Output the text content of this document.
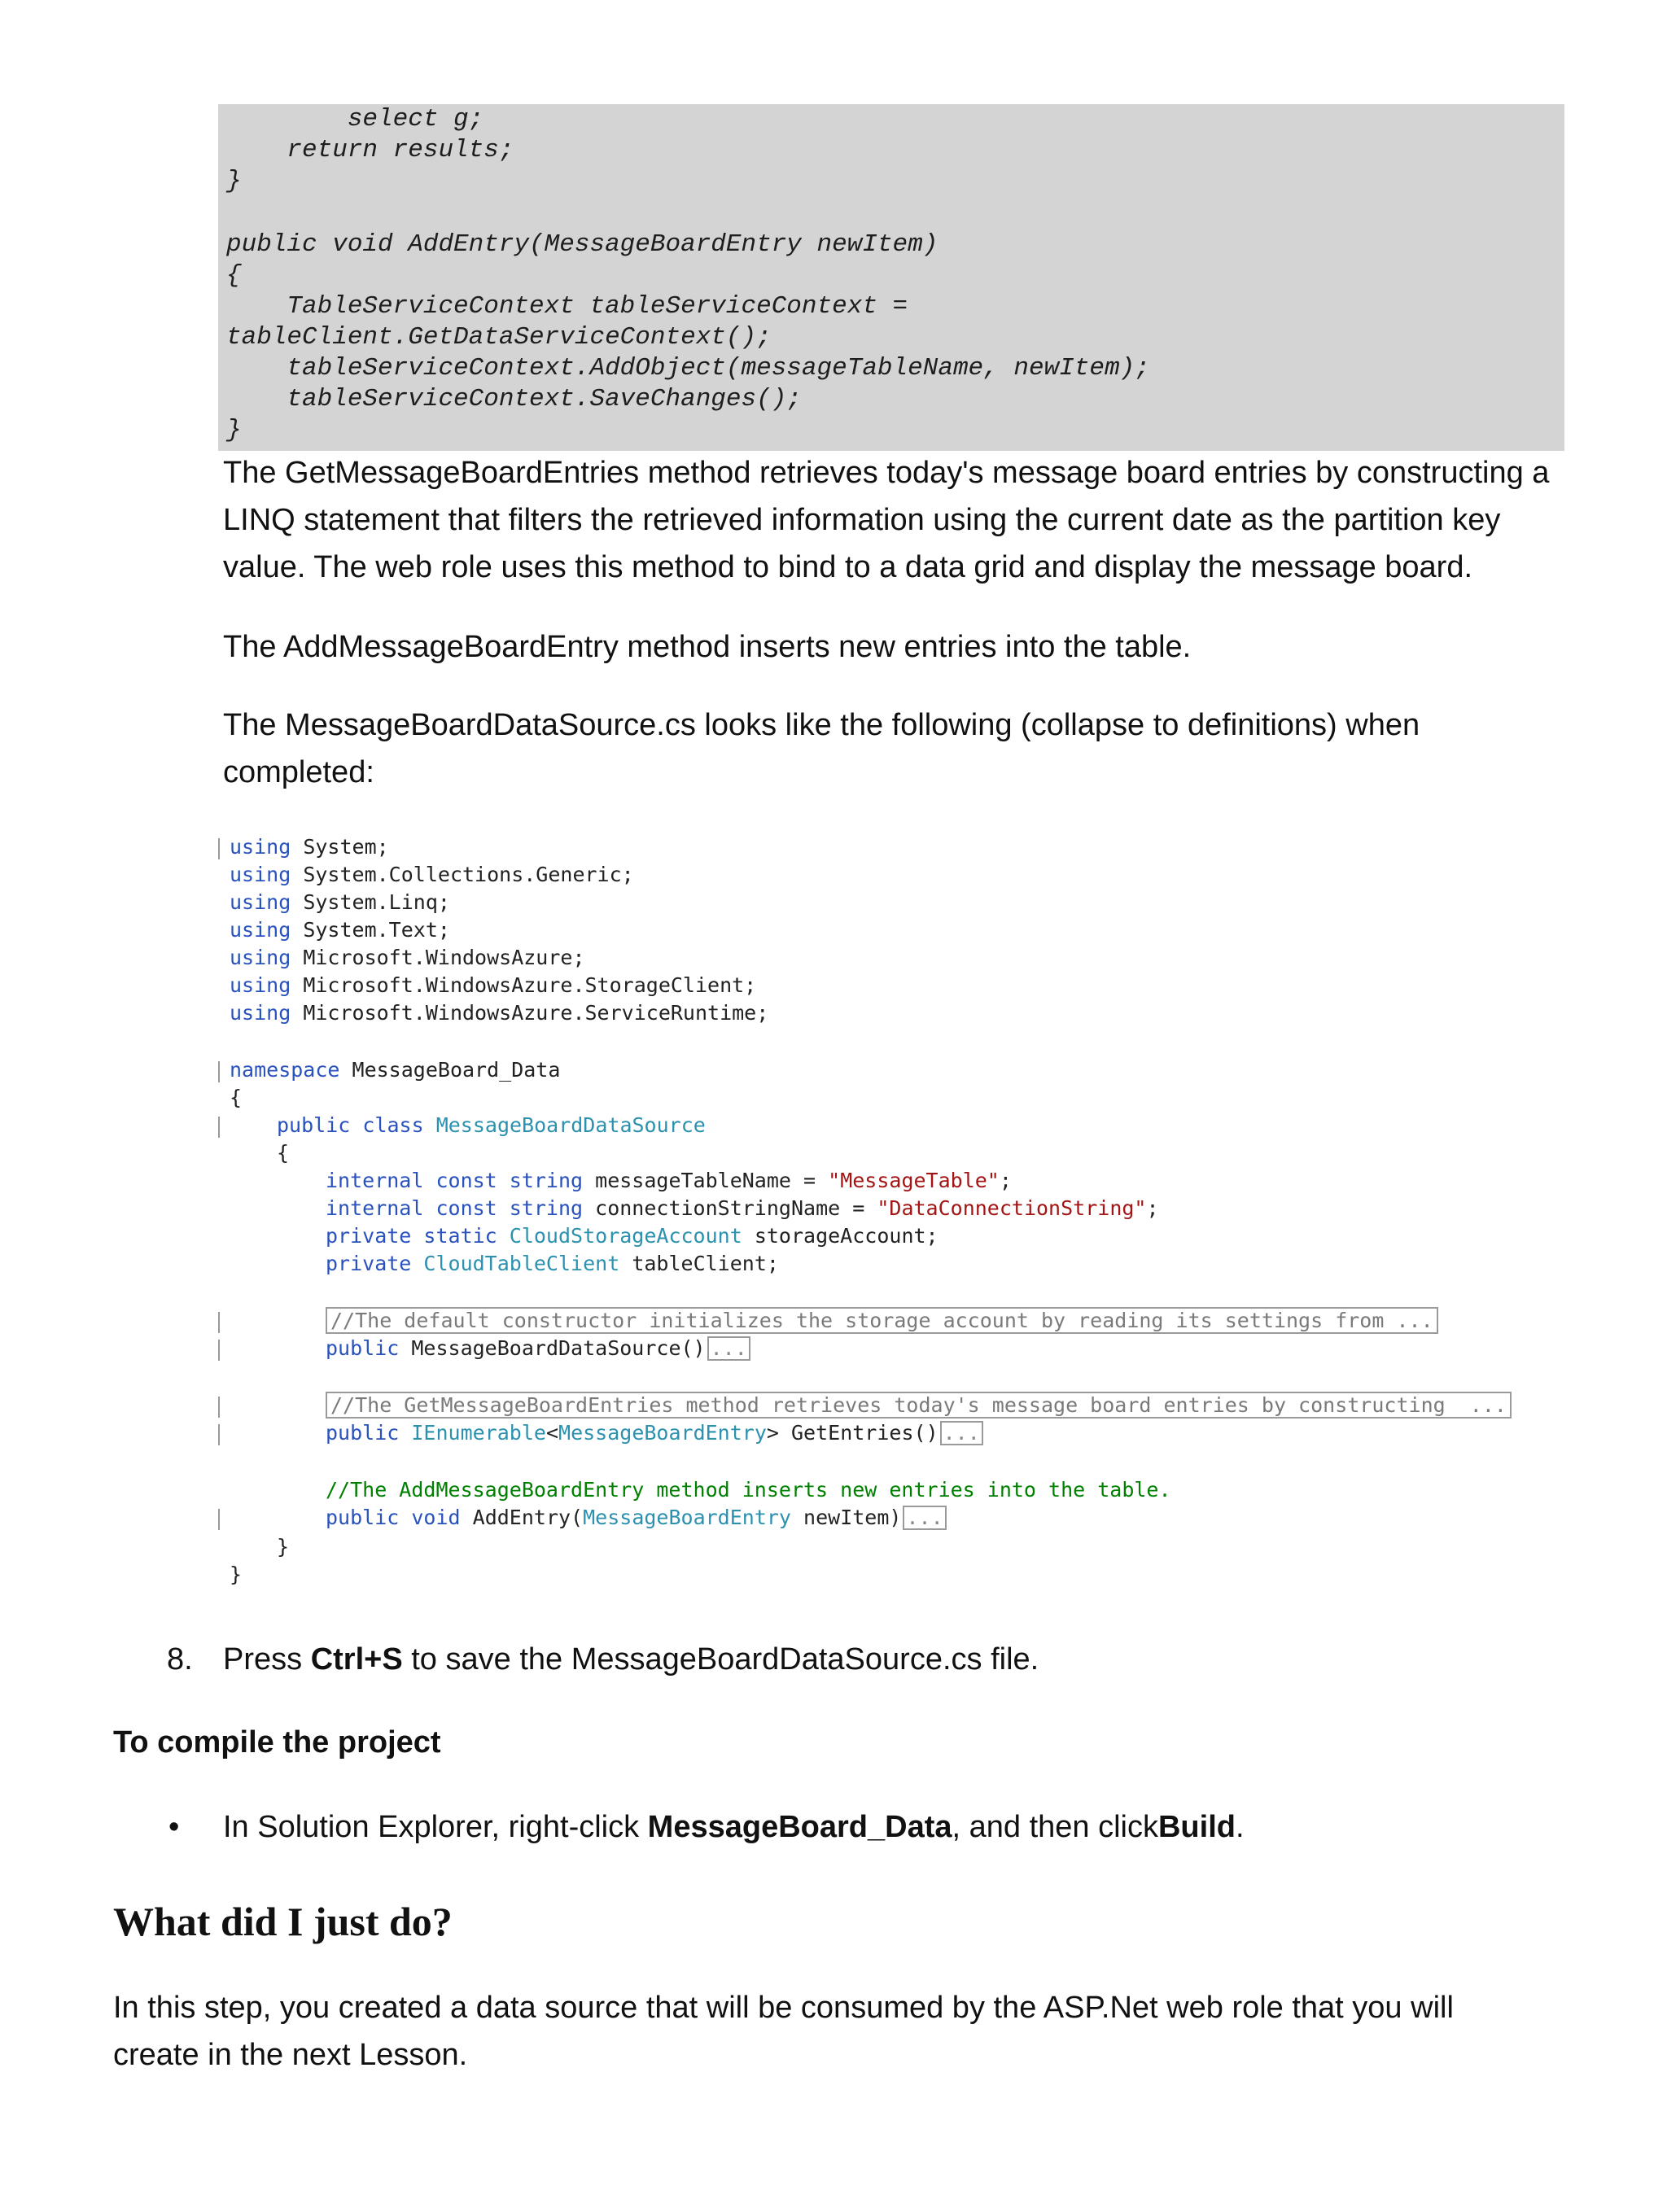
select g;
return results;
}
public void AddEntry(MessageBoardEntry newItem)
{
TableServiceContext tableServiceContext =
tableClient.GetDataServiceContext();
tableServiceContext.AddObject(messageTableName, newItem);
tableServiceContext.SaveChanges();
}
The GetMessageBoardEntries method retrieves today's message board entries by constructing a
LINQ statement that filters the retrieved information using the current date as the partition key
value. The web role uses this method to bind to a data grid and display the message board.
The AddMessageBoardEntry method inserts new entries into the table.
The MessageBoardDataSource.cs looks like the following (collapse to definitions) when
completed:
using System;
using System.Collections.Generic;
using System.Linq;
using System.Text;
using Microsoft.WindowsAzure;
using Microsoft.WindowsAzure.StorageClient;
using Microsoft.WindowsAzure.ServiceRuntime;
namespace MessageBoard_Data
{
public class MessageBoardDataSource
{
internal const string messageTableName = "MessageTable";
internal const string connectionStringName = "DataConnectionString";
private static CloudStorageAccount storageAccount;
private CloudTableClient tableClient;
//The default constructor initializes the storage account by reading its settings from ...
public MessageBoardDataSource() ...
//The GetMessageBoardEntries method retrieves today's message board entries by constructing  ...
public IEnumerable<MessageBoardEntry> GetEntries() ...
//The AddMessageBoardEntry method inserts new entries into the table.
public void AddEntry(MessageBoardEntry newItem) ...
}
}
8. Press Ctrl+S to save the MessageBoardDataSource.cs file.
To compile the project
• In Solution Explorer, right-click MessageBoard_Data, and then clickBuild.
What did I just do?
In this step, you created a data source that will be consumed by the ASP.Net web role that you will
create in the next Lesson.
